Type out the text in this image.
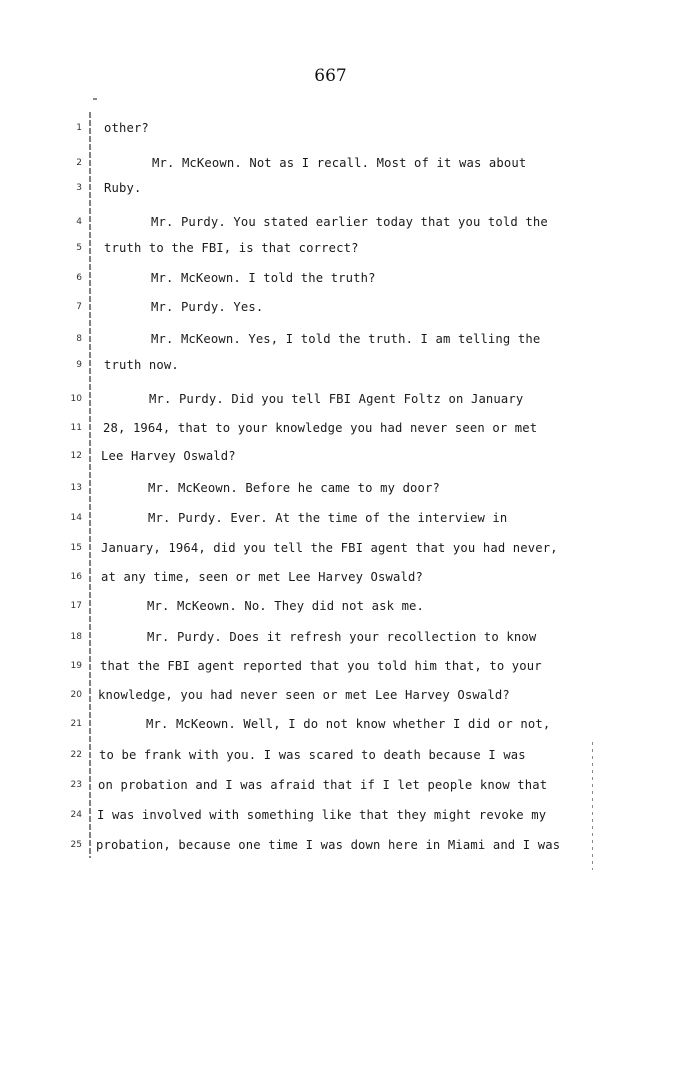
667
1 other?
2	Mr. McKeown. Not as I recall. Most of it was about
3 Ruby.
4	Mr. Purdy. You stated earlier today that you told the
5 truth to the FBI, is that correct?
6	Mr. McKeown. I told the truth?
7	Mr. Purdy. Yes.
8	Mr. McKeown. Yes, I told the truth. I am telling the
9 truth now.
10	Mr. Purdy. Did you tell FBI Agent Foltz on January
11 28, 1964, that to your knowledge you had never seen or met
12 Lee Harvey Oswald?
13	Mr. McKeown. Before he came to my door?
14	Mr. Purdy. Ever. At the time of the interview in
15 January, 1964, did you tell the FBI agent that you had never,
16 at any time, seen or met Lee Harvey Oswald?
17	Mr. McKeown. No. They did not ask me.
18	Mr. Purdy. Does it refresh your recollection to know
19 that the FBI agent reported that you told him that, to your
20 knowledge, you had never seen or met Lee Harvey Oswald?
21	Mr. McKeown. Well, I do not know whether I did or not,
22 to be frank with you. I was scared to death because I was
23 on probation and I was afraid that if I let people know that
24 I was involved with something like that they might revoke my
25 probation, because one time I was down here in Miami and I was
